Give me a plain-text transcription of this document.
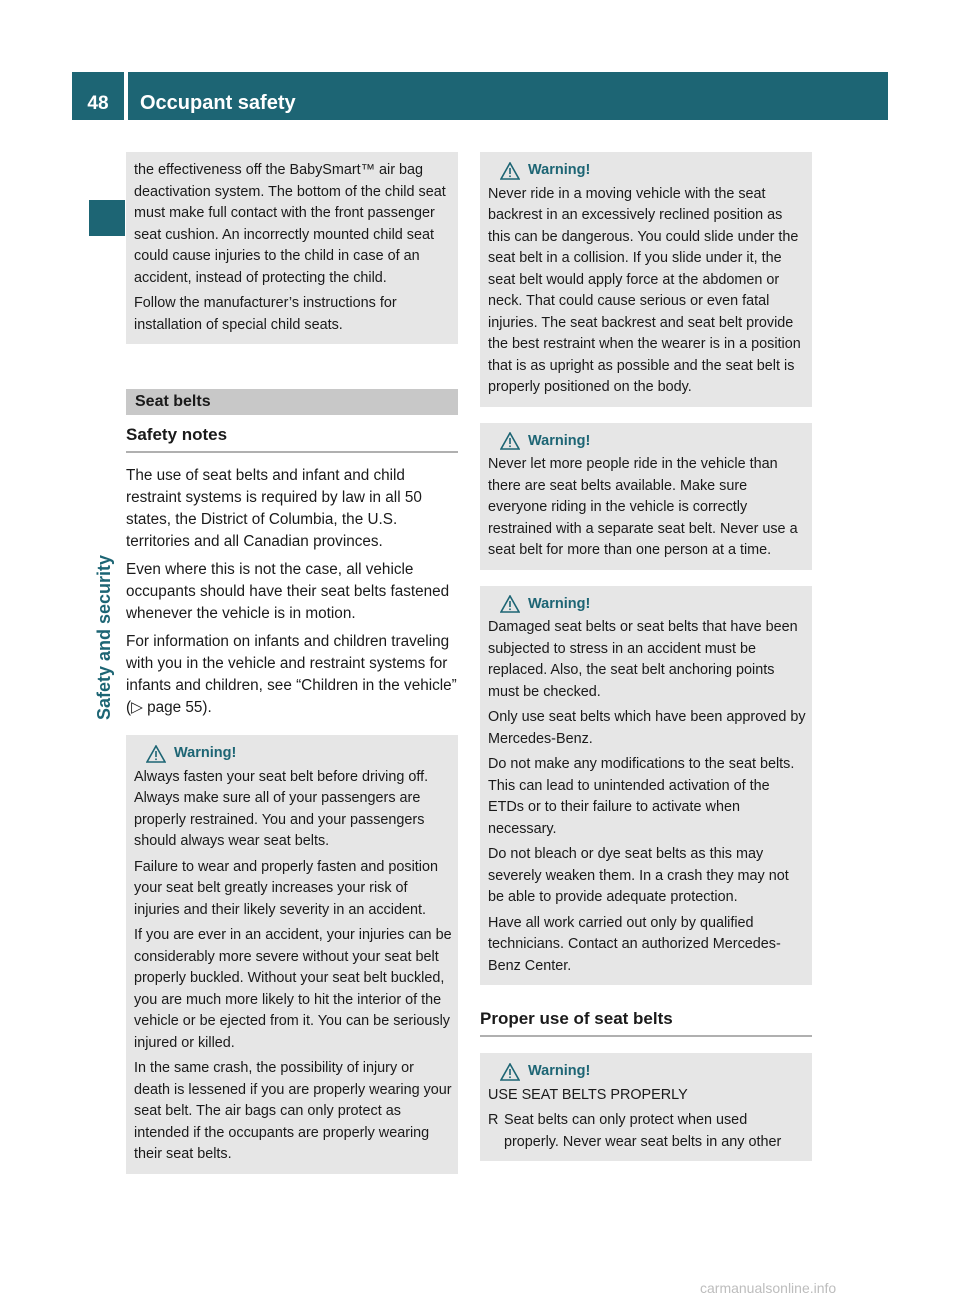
48	Occupant safety
Safety and security

the effectiveness off the BabySmart™ air bag deactivation system. The bottom of the child seat must make full contact with the front passenger seat cushion. An incorrectly mounted child seat could cause injuries to the child in case of an accident, instead of protecting the child.

Follow the manufacturer’s instructions for installation of special child seats.

Seat belts
Safety notes

The use of seat belts and infant and child restraint systems is required by law in all 50 states, the District of Columbia, the U.S. territories and all Canadian provinces.

Even where this is not the case, all vehicle occupants should have their seat belts fastened whenever the vehicle is in motion.

For information on infants and children traveling with you in the vehicle and restraint systems for infants and children, see “Children in the vehicle” (▷ page 55).

Warning!

Always fasten your seat belt before driving off. Always make sure all of your passengers are properly restrained. You and your passengers should always wear seat belts.

Failure to wear and properly fasten and position your seat belt greatly increases your risk of injuries and their likely severity in an accident.

If you are ever in an accident, your injuries can be considerably more severe without your seat belt properly buckled. Without your seat belt buckled, you are much more likely to hit the interior of the vehicle or be ejected from it. You can be seriously injured or killed.

In the same crash, the possibility of injury or death is lessened if you are properly wearing your seat belt. The air bags can only protect as intended if the occupants are properly wearing their seat belts.

Warning!

Never ride in a moving vehicle with the seat backrest in an excessively reclined position as this can be dangerous. You could slide under the seat belt in a collision. If you slide under it, the seat belt would apply force at the abdomen or neck. That could cause serious or even fatal injuries. The seat backrest and seat belt provide the best restraint when the wearer is in a position that is as upright as possible and the seat belt is properly positioned on the body.

Warning!

Never let more people ride in the vehicle than there are seat belts available. Make sure everyone riding in the vehicle is correctly restrained with a separate seat belt. Never use a seat belt for more than one person at a time.

Warning!

Damaged seat belts or seat belts that have been subjected to stress in an accident must be replaced. Also, the seat belt anchoring points must be checked.

Only use seat belts which have been approved by Mercedes-Benz.

Do not make any modifications to the seat belts. This can lead to unintended activation of the ETDs or to their failure to activate when necessary.

Do not bleach or dye seat belts as this may severely weaken them. In a crash they may not be able to provide adequate protection.

Have all work carried out only by qualified technicians. Contact an authorized Mercedes-Benz Center.

Proper use of seat belts
Warning!

USE SEAT BELTS PROPERLY

R Seat belts can only protect when used properly. Never wear seat belts in any other
carmanualsonline.info
